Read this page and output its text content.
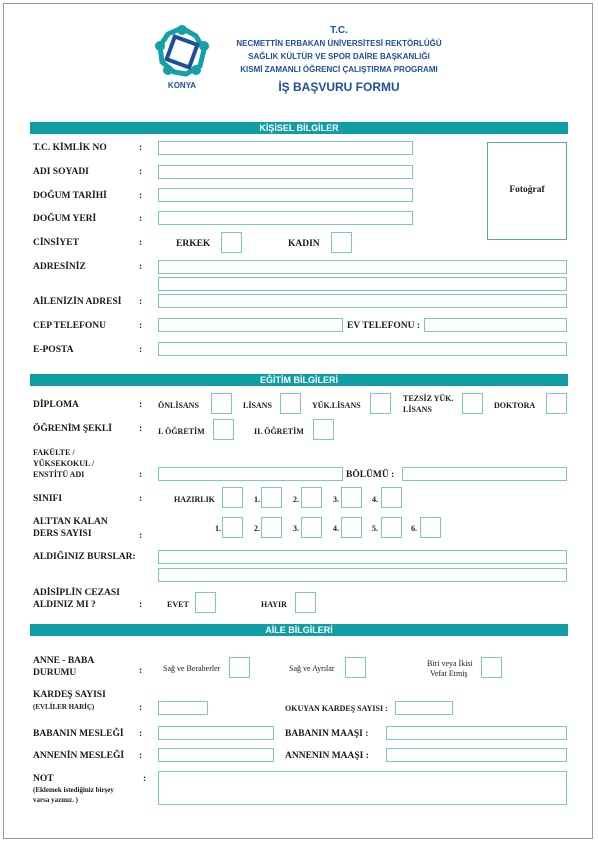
KONYA
T.C.
NECMETTİN ERBAKAN ÜNİVERSİTESİ REKTÖRLÜĞÜ
SAĞLIK KÜLTÜR VE SPOR DAİRE BAŞKANLIĞI
KISMİ ZAMANLI ÖĞRENCİ ÇALIŞTIRMA PROGRAMI
İŞ BAŞVURU FORMU
KİŞİSEL BİLGİLER
Fotoğraf
T.C. KİMLİK NO	:
ADI SOYADI	:
DOĞUM TARİHİ	:
DOĞUM YERİ	:
CİNSİYET	:	ERKEK	KADIN
ADRESİNİZ	:
AİLENİZİN ADRESİ :
CEP TELEFONU	:	EV TELEFONU :
E-POSTA	:
EĞİTİM BİLGİLERİ
DİPLOMA	: ÖNLİSANS	LİSANS	YÜK.LİSANS
TEZSİZ YÜK.
LİSANS	DOKTORA
ÖĞRENİM ŞEKLİ	: I. ÖĞRETİM	II. ÖĞRETİM
FAKÜLTE /
YÜKSEKOKUL /
ENSTİTÜ ADI	:	BÖLÜMÜ :
SINIFI	:	HAZIRLIK	1.	2.	3.	4.
ALTTAN KALAN
DERS SAYISI	:
1.	2.	3.	4.	5.	6.
ALDIĞINIZ BURSLAR:
ADİSİPLİN CEZASI
ALDINIZ MI ?	:	EVET	HAYIR
AİLE BİLGİLERİ
ANNE - BABA
DURUMU	:	Sağ ve Beraberler	Sağ ve Ayrılar
Biri veya İkisi
Vefat Etmiş
KARDEŞ SAYISI
(EVLİLER HARİÇ)	:	OKUYAN KARDEŞ SAYISI :
BABANIN MESLEĞİ :	BABANIN MAAŞI :
ANNENİN MESLEĞİ :	ANNENIN MAAŞI :
NOT	:
(Eklemek istediğiniz birşey
varsa yazınız. )
